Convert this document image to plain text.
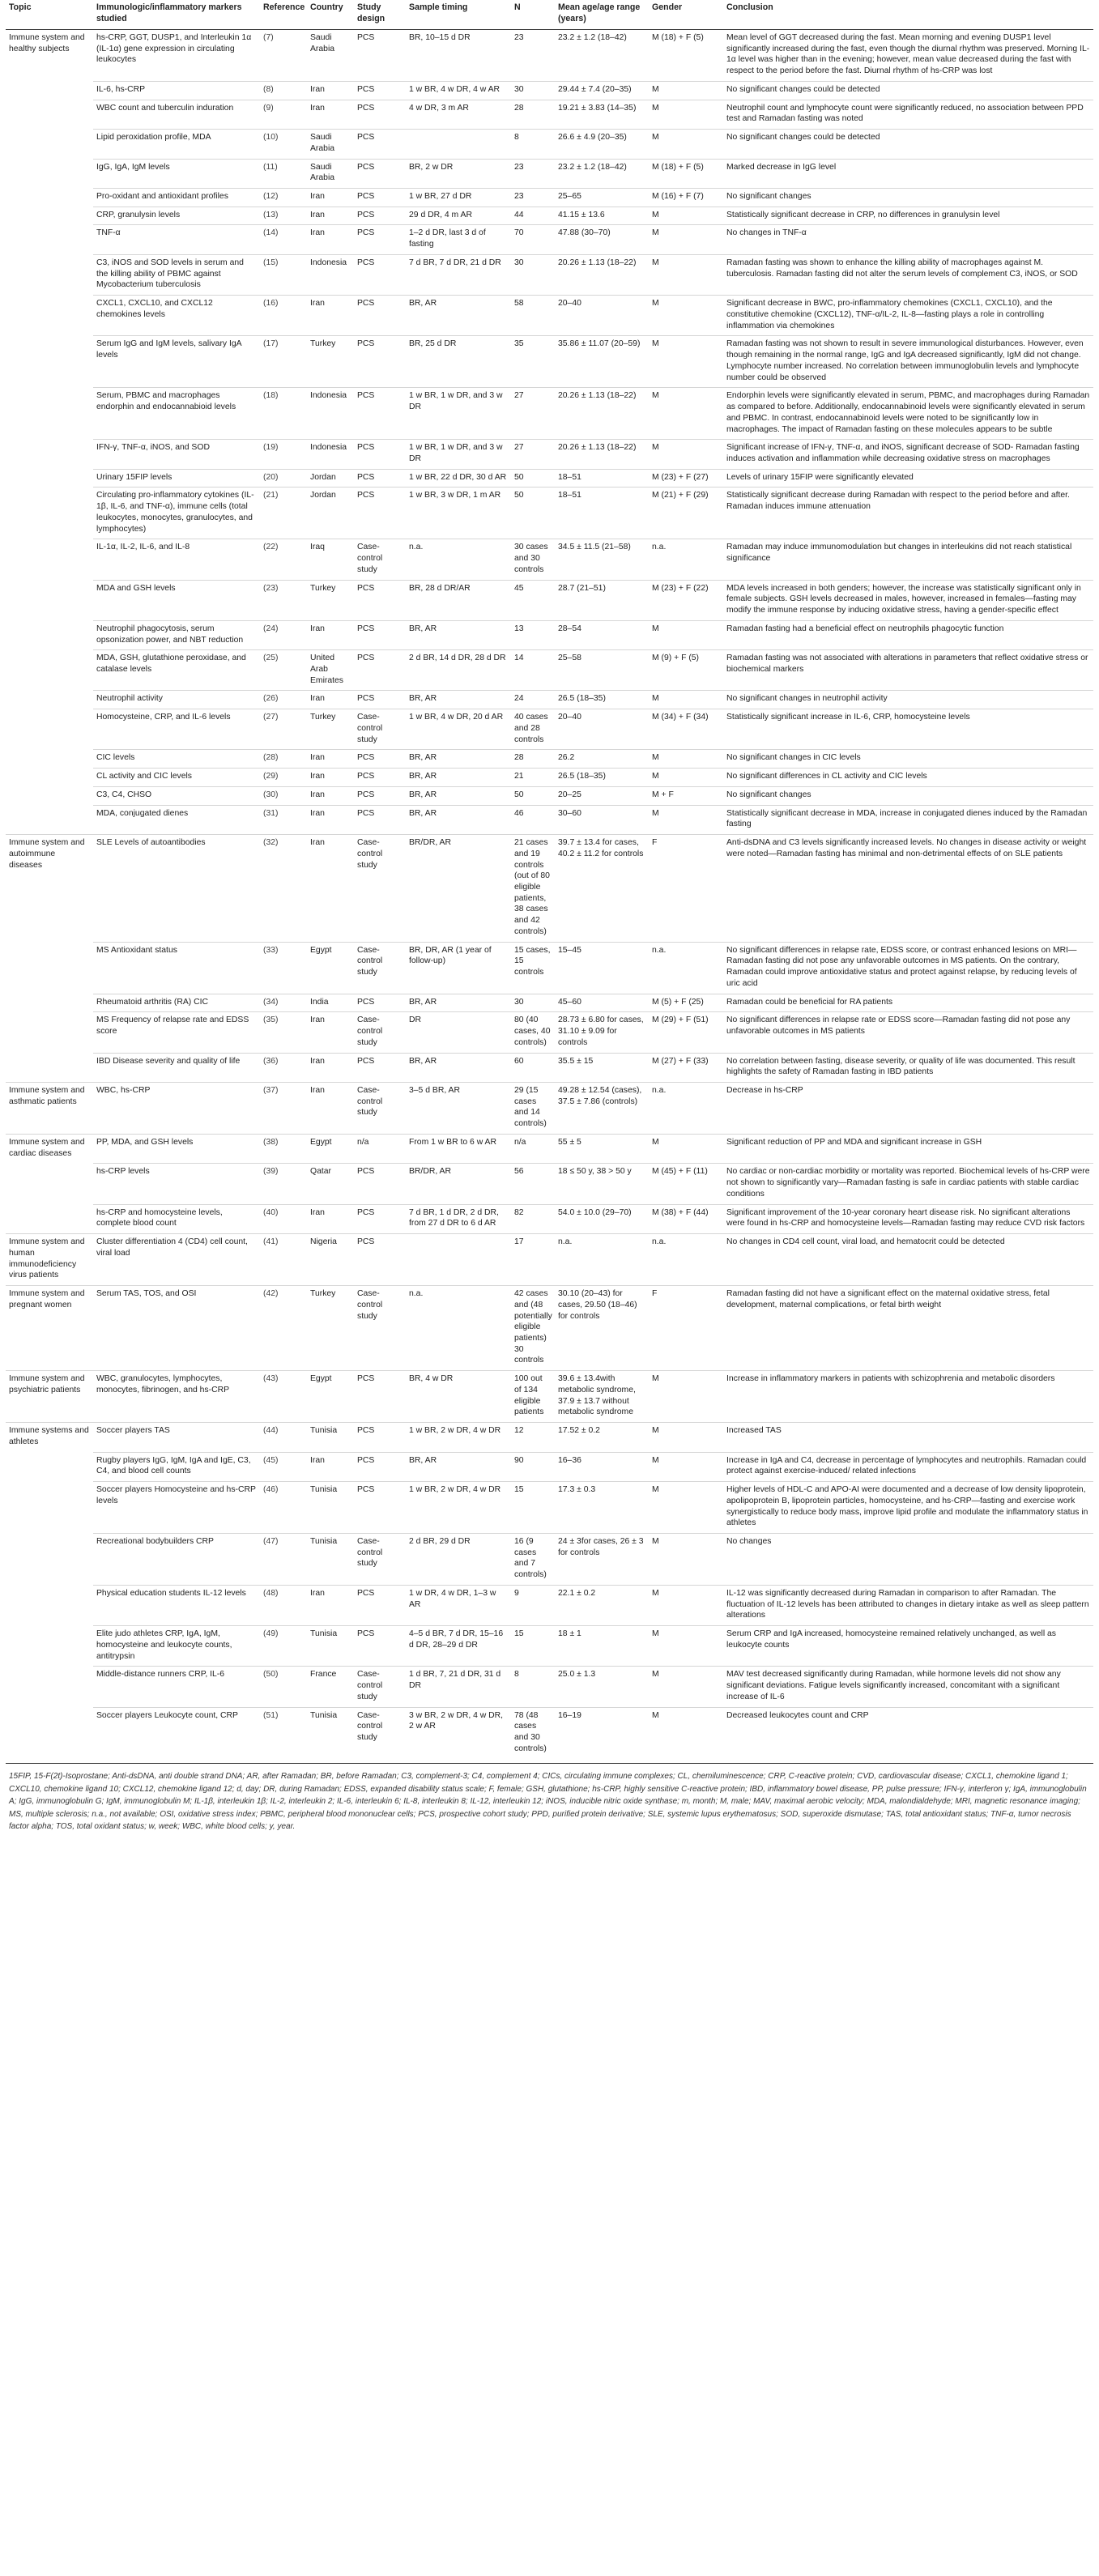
Topic	Immunologic/inflammatory markers studied	Reference	Country	Study design	Sample timing	N	Mean age/age range (years)	Gender	Conclusion
Immune system and healthy subjects	hs-CRP, GGT, DUSP1, and Interleukin 1α (IL-1α) gene expression in circulating leukocytes	(7)	Saudi Arabia	PCS	BR, 10–15 d DR	23	23.2 ± 1.2 (18–42)	M (18) + F (5)	Mean level of GGT decreased during the fast. Mean morning and evening DUSP1 level significantly increased during the fast, even though the diurnal rhythm was preserved. Morning IL-1α level was higher than in the evening; however, mean value decreased during the fast with respect to the period before the fast. Diurnal rhythm of hs-CRP was lost
	IL-6, hs-CRP	(8)	Iran	PCS	1 w BR, 4 w DR, 4 w AR	30	29.44 ± 7.4 (20–35)	M	No significant changes could be detected
	WBC count and tuberculin induration	(9)	Iran	PCS	4 w DR, 3 m AR	28	19.21 ± 3.83 (14–35)	M	Neutrophil count and lymphocyte count were significantly reduced, no association between PPD test and Ramadan fasting was noted
	Lipid peroxidation profile, MDA	(10)	Saudi Arabia	PCS		8	26.6 ± 4.9 (20–35)	M	No significant changes could be detected
	IgG, IgA, IgM levels	(11)	Saudi Arabia	PCS	BR, 2 w DR	23	23.2 ± 1.2 (18–42)	M (18) + F (5)	Marked decrease in IgG level
	Pro-oxidant and antioxidant profiles	(12)	Iran	PCS	1 w BR, 27 d DR	23	25–65	M (16) + F (7)	No significant changes
	CRP, granulysin levels	(13)	Iran	PCS	29 d DR, 4 m AR	44	41.15 ± 13.6	M	Statistically significant decrease in CRP, no differences in granulysin level
	TNF-α	(14)	Iran	PCS	1–2 d DR, last 3 d of fasting	70	47.88 (30–70)	M	No changes in TNF-α
	C3, iNOS and SOD levels in serum and the killing ability of PBMC against Mycobacterium tuberculosis	(15)	Indonesia	PCS	7 d BR, 7 d DR, 21 d DR	30	20.26 ± 1.13 (18–22)	M	Ramadan fasting was shown to enhance the killing ability of macrophages against M. tuberculosis. Ramadan fasting did not alter the serum levels of complement C3, iNOS, or SOD
	CXCL1, CXCL10, and CXCL12 chemokines levels	(16)	Iran	PCS	BR, AR	58	20–40	M	Significant decrease in BWC, pro-inflammatory chemokines (CXCL1, CXCL10), and the constitutive chemokine (CXCL12), TNF-α/IL-2, IL-8—fasting plays a role in controlling inflammation via chemokines
	Serum IgG and IgM levels, salivary IgA levels	(17)	Turkey	PCS	BR, 25 d DR	35	35.86 ± 11.07 (20–59)	M	Ramadan fasting was not shown to result in severe immunological disturbances. However, even though remaining in the normal range, IgG and IgA decreased significantly, IgM did not change. Lymphocyte number increased. No correlation between immunoglobulin levels and lymphocyte number could be observed
	Serum, PBMC and macrophages endorphin and endocannabioid levels	(18)	Indonesia	PCS	1 w BR, 1 w DR, and 3 w DR	27	20.26 ± 1.13 (18–22)	M	Endorphin levels were significantly elevated in serum, PBMC, and macrophages during Ramadan as compared to before. Additionally, endocannabinoid levels were significantly elevated in serum and PBMC. In contrast, endocannabinoid levels were noted to be significantly low in macrophages. The impact of Ramadan fasting on these molecules appears to be subtle
	IFN-γ, TNF-α, iNOS, and SOD	(19)	Indonesia	PCS	1 w BR, 1 w DR, and 3 w DR	27	20.26 ± 1.13 (18–22)	M	Significant increase of IFN-γ, TNF-α, and iNOS, significant decrease of SOD- Ramadan fasting induces activation and inflammation while decreasing oxidative stress on macrophages
	Urinary 15FIP levels	(20)	Jordan	PCS	1 w BR, 22 d DR, 30 d AR	50	18–51	M (23) + F (27)	Levels of urinary 15FIP were significantly elevated
	Circulating pro-inflammatory cytokines (IL-1β, IL-6, and TNF-α), immune cells (total leukocytes, monocytes, granulocytes, and lymphocytes)	(21)	Jordan	PCS	1 w BR, 3 w DR, 1 m AR	50	18–51	M (21) + F (29)	Statistically significant decrease during Ramadan with respect to the period before and after. Ramadan induces immune attenuation
	IL-1α, IL-2, IL-6, and IL-8	(22)	Iraq	Case-control study	n.a.	30 cases and 30 controls	34.5 ± 11.5 (21–58)	n.a.	Ramadan may induce immunomodulation but changes in interleukins did not reach statistical significance
	MDA and GSH levels	(23)	Turkey	PCS	BR, 28 d DR/AR	45	28.7 (21–51)	M (23) + F (22)	MDA levels increased in both genders; however, the increase was statistically significant only in female subjects. GSH levels decreased in males, however, increased in females—fasting may modify the immune response by inducing oxidative stress, having a gender-specific effect
	Neutrophil phagocytosis, serum opsonization power, and NBT reduction	(24)	Iran	PCS	BR, AR	13	28–54	M	Ramadan fasting had a beneficial effect on neutrophils phagocytic function
	MDA, GSH, glutathione peroxidase, and catalase levels	(25)	United Arab Emirates	PCS	2 d BR, 14 d DR, 28 d DR	14	25–58	M (9) + F (5)	Ramadan fasting was not associated with alterations in parameters that reflect oxidative stress or biochemical markers
	Neutrophil activity	(26)	Iran	PCS	BR, AR	24	26.5 (18–35)	M	No significant changes in neutrophil activity
	Homocysteine, CRP, and IL-6 levels	(27)	Turkey	Case-control study	1 w BR, 4 w DR, 20 d AR	40 cases and 28 controls	20–40	M (34) + F (34)	Statistically significant increase in IL-6, CRP, homocysteine levels
	CIC levels	(28)	Iran	PCS	BR, AR	28	26.2	M	No significant changes in CIC levels
	CL activity and CIC levels	(29)	Iran	PCS	BR, AR	21	26.5 (18–35)	M	No significant differences in CL activity and CIC levels
	C3, C4, CHSO	(30)	Iran	PCS	BR, AR	50	20–25	M + F	No significant changes
	MDA, conjugated dienes	(31)	Iran	PCS	BR, AR	46	30–60	M	Statistically significant decrease in MDA, increase in conjugated dienes induced by the Ramadan fasting
Immune system and autoimmune diseases	SLE Levels of autoantibodies	(32)	Iran	Case-control study	BR/DR, AR	21 cases and 19 controls (out of 80 eligible patients, 38 cases and 42 controls)	39.7 ± 13.4 for cases, 40.2 ± 11.2 for controls	F	Anti-dsDNA and C3 levels significantly increased levels. No changes in disease activity or weight were noted—Ramadan fasting has minimal and non-detrimental effects of on SLE patients
	MS Antioxidant status	(33)	Egypt	Case-control study	BR, DR, AR (1 year of follow-up)	15 cases, 15 controls	15–45	n.a.	No significant differences in relapse rate, EDSS score, or contrast enhanced lesions on MRI—Ramadan fasting did not pose any unfavorable outcomes in MS patients. On the contrary, Ramadan could improve antioxidative status and protect against relapse, by reducing levels of uric acid
	Rheumatoid arthritis (RA) CIC	(34)	India	PCS	BR, AR	30	45–60	M (5) + F (25)	Ramadan could be beneficial for RA patients
	MS Frequency of relapse rate and EDSS score	(35)	Iran	Case-control study	DR	80 (40 cases, 40 controls)	28.73 ± 6.80 for cases, 31.10 ± 9.09 for controls	M (29) + F (51)	No significant differences in relapse rate or EDSS score—Ramadan fasting did not pose any unfavorable outcomes in MS patients
	IBD Disease severity and quality of life	(36)	Iran	PCS	BR, AR	60	35.5 ± 15	M (27) + F (33)	No correlation between fasting, disease severity, or quality of life was documented. This result highlights the safety of Ramadan fasting in IBD patients
Immune system and asthmatic patients	WBC, hs-CRP	(37)	Iran	Case-control study	3–5 d BR, AR	29 (15 cases and 14 controls)	49.28 ± 12.54 (cases), 37.5 ± 7.86 (controls)	n.a.	Decrease in hs-CRP
Immune system and cardiac diseases	PP, MDA, and GSH levels	(38)	Egypt	n/a	From 1 w BR to 6 w AR	n/a	55 ± 5	M	Significant reduction of PP and MDA and significant increase in GSH
	hs-CRP levels	(39)	Qatar	PCS	BR/DR, AR	56	18 ≤ 50 y, 38 > 50 y	M (45) + F (11)	No cardiac or non-cardiac morbidity or mortality was reported. Biochemical levels of hs-CRP were not shown to significantly vary—Ramadan fasting is safe in cardiac patients with stable cardiac conditions
	hs-CRP and homocysteine levels, complete blood count	(40)	Iran	PCS	7 d BR, 1 d DR, 2 d DR, from 27 d DR to 6 d AR	82	54.0 ± 10.0 (29–70)	M (38) + F (44)	Significant improvement of the 10-year coronary heart disease risk. No significant alterations were found in hs-CRP and homocysteine levels—Ramadan fasting may reduce CVD risk factors
Immune system and human immunodeficiency virus patients	Cluster differentiation 4 (CD4) cell count, viral load	(41)	Nigeria	PCS		17	n.a.	n.a.	No changes in CD4 cell count, viral load, and hematocrit could be detected
Immune system and pregnant women	Serum TAS, TOS, and OSI	(42)	Turkey	Case-control study	n.a.	42 cases and (48 potentially eligible patients) 30 controls	30.10 (20–43) for cases, 29.50 (18–46) for controls	F	Ramadan fasting did not have a significant effect on the maternal oxidative stress, fetal development, maternal complications, or fetal birth weight
Immune system and psychiatric patients	WBC, granulocytes, lymphocytes, monocytes, fibrinogen, and hs-CRP	(43)	Egypt	PCS	BR, 4 w DR	100 out of 134 eligible patients	39.6 ± 13.4with metabolic syndrome, 37.9 ± 13.7 without metabolic syndrome	M	Increase in inflammatory markers in patients with schizophrenia and metabolic disorders
Immune systems and athletes	Soccer players TAS	(44)	Tunisia	PCS	1 w BR, 2 w DR, 4 w DR	12	17.52 ± 0.2	M	Increased TAS
	Rugby players IgG, IgM, IgA and IgE, C3, C4, and blood cell counts	(45)	Iran	PCS	BR, AR	90	16–36	M	Increase in IgA and C4, decrease in percentage of lymphocytes and neutrophils. Ramadan could protect against exercise-induced/ related infections
	Soccer players Homocysteine and hs-CRP levels	(46)	Tunisia	PCS	1 w BR, 2 w DR, 4 w DR	15	17.3 ± 0.3	M	Higher levels of HDL-C and APO-AI were documented and a decrease of low density lipoprotein, apolipoprotein B, lipoprotein particles, homocysteine, and hs-CRP—fasting and exercise work synergistically to reduce body mass, improve lipid profile and modulate the inflammatory status in athletes
	Recreational bodybuilders CRP	(47)	Tunisia	Case-control study	2 d BR, 29 d DR	16 (9 cases and 7 controls)	24 ± 3for cases, 26 ± 3 for controls	M	No changes
	Physical education students IL-12 levels	(48)	Iran	PCS	1 w DR, 4 w DR, 1–3 w AR	9	22.1 ± 0.2	M	IL-12 was significantly decreased during Ramadan in comparison to after Ramadan. The fluctuation of IL-12 levels has been attributed to changes in dietary intake as well as sleep pattern alterations
	Elite judo athletes CRP, IgA, IgM, homocysteine and leukocyte counts, antitrypsin	(49)	Tunisia	PCS	4–5 d BR, 7 d DR, 15–16 d DR, 28–29 d DR	15	18 ± 1	M	Serum CRP and IgA increased, homocysteine remained relatively unchanged, as well as leukocyte counts
	Middle-distance runners CRP, IL-6	(50)	France	Case-control study	1 d BR, 7, 21 d DR, 31 d DR	8	25.0 ± 1.3	M	MAV test decreased significantly during Ramadan, while hormone levels did not show any significant deviations. Fatigue levels significantly increased, concomitant with a significant increase of IL-6
	Soccer players Leukocyte count, CRP	(51)	Tunisia	Case-control study	3 w BR, 2 w DR, 4 w DR, 2 w AR	78 (48 cases and 30 controls)	16–19	M	Decreased leukocytes count and CRP
15FIP, 15-F(2t)-Isoprostane; Anti-dsDNA, anti double strand DNA; AR, after Ramadan; BR, before Ramadan; C3, complement-3; C4, complement 4; CICs, circulating immune complexes; CL, chemiluminescence; CRP, C-reactive protein; CVD, cardiovascular disease; CXCL1, chemokine ligand 1; CXCL10, chemokine ligand 10; CXCL12, chemokine ligand 12; d, day; DR, during Ramadan; EDSS, expanded disability status scale; F, female; GSH, glutathione; hs-CRP, highly sensitive C-reactive protein; IBD, inflammatory bowel disease, PP, pulse pressure; IFN-γ, interferon γ; IgA, immunoglobulin A; IgG, immunoglobulin G; IgM, immunoglobulin M; IL-1β, interleukin 1β; IL-2, interleukin 2; IL-6, interleukin 6; IL-8, interleukin 8; IL-12, interleukin 12; iNOS, inducible nitric oxide synthase; m, month; M, male; MAV, maximal aerobic velocity; MDA, malondialdehyde; MRI, magnetic resonance imaging; MS, multiple sclerosis; n.a., not available; OSI, oxidative stress index; PBMC, peripheral blood mononuclear cells; PCS, prospective cohort study; PPD, purified protein derivative; SLE, systemic lupus erythematosus; SOD, superoxide dismutase; TAS, total antioxidant status; TNF-α, tumor necrosis factor alpha; TOS, total oxidant status; w, week; WBC, white blood cells; y, year.
